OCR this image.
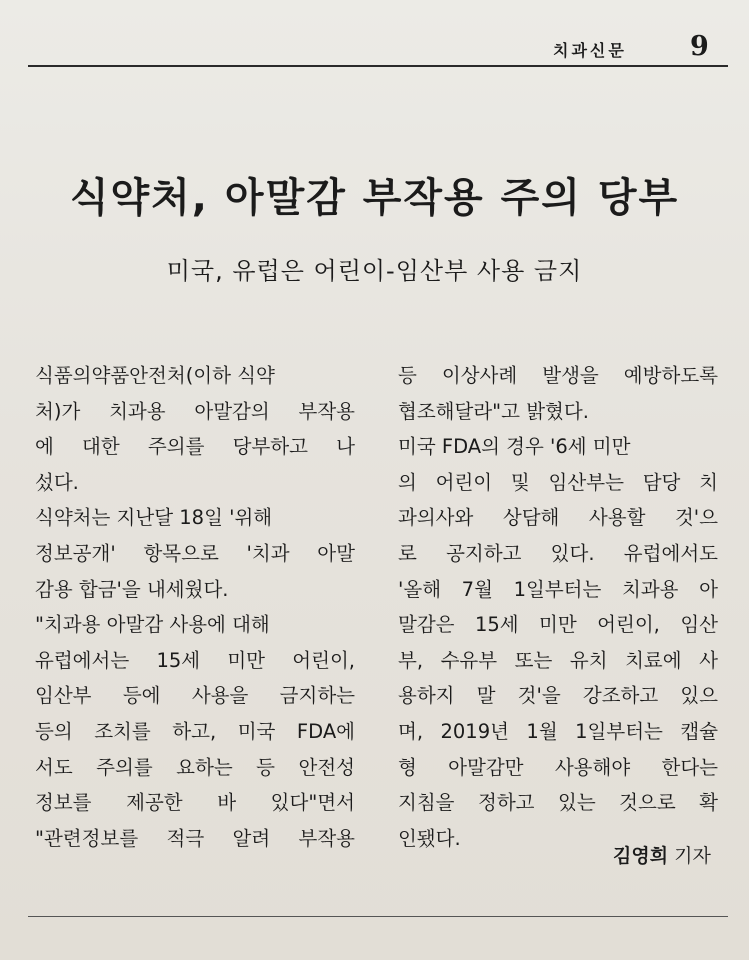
치과신문 9
식약처, 아말감 부작용 주의 당부
미국, 유럽은 어린이-임산부 사용 금지
식품의약품안전처(이하 식약
처)가 치과용 아말감의 부작용
에 대한 주의를 당부하고 나
섰다.
식약처는 지난달 18일 '위해
정보공개' 항목으로 '치과 아말
감용 합금'을 내세웠다.
"치과용 아말감 사용에 대해
유럽에서는 15세 미만 어린이,
임산부 등에 사용을 금지하는
등의 조치를 하고, 미국 FDA에
서도 주의를 요하는 등 안전성
정보를 제공한 바 있다"면서
"관련정보를 적극 알려 부작용
등 이상사례 발생을 예방하도록
협조해달라"고 밝혔다.
미국 FDA의 경우 '6세 미만
의 어린이 및 임산부는 담당 치
과의사와 상담해 사용할 것'으
로 공지하고 있다. 유럽에서도
'올해 7월 1일부터는 치과용 아
말감은 15세 미만 어린이, 임산
부, 수유부 또는 유치 치료에 사
용하지 말 것'을 강조하고 있으
며, 2019년 1월 1일부터는 캡슐
형 아말감만 사용해야 한다는
지침을 정하고 있는 것으로 확
인됐다.
김영희 기자
